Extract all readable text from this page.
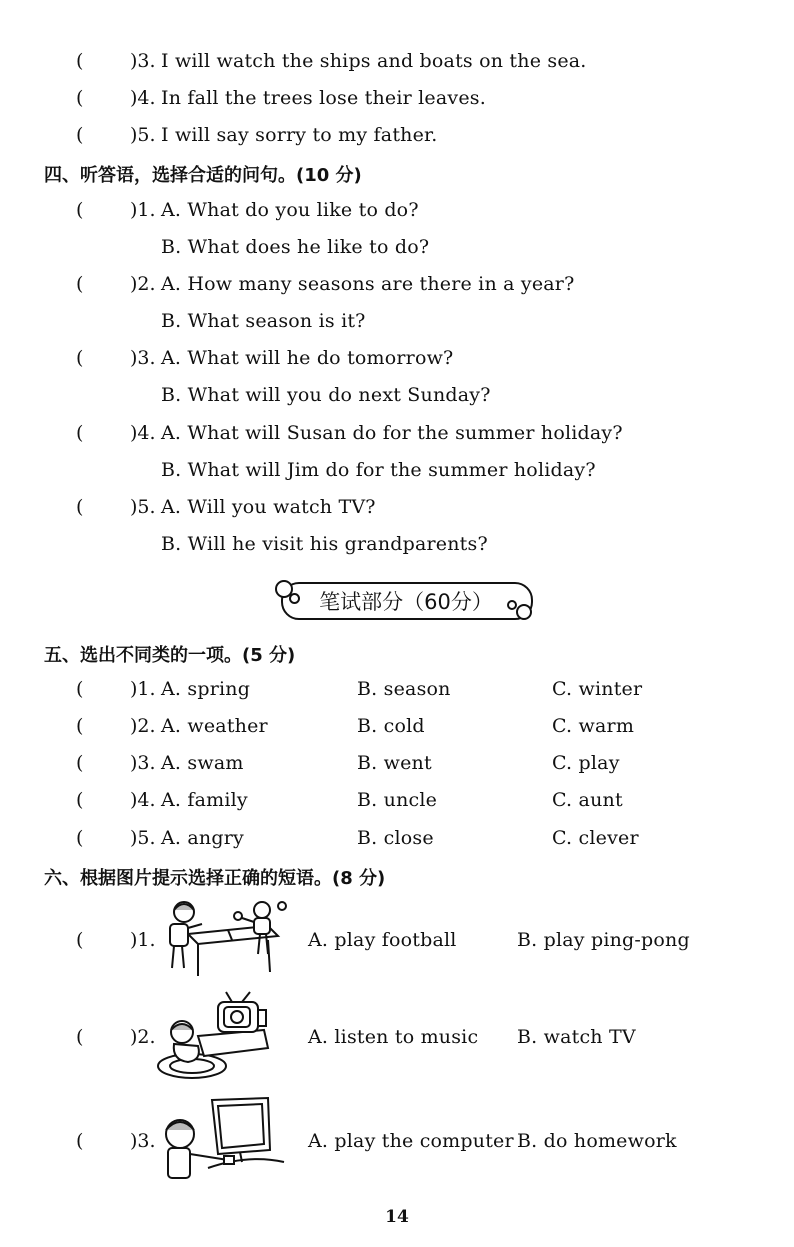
( )3. I will watch the ships and boats on the sea.
( )4. In fall the trees lose their leaves.
( )5. I will say sorry to my father.
四、听答语，选择合适的问句。(10 分)
( )1. A. What do you like to do?
B. What does he like to do?
( )2. A. How many seasons are there in a year?
B. What season is it?
( )3. A. What will he do tomorrow?
B. What will you do next Sunday?
( )4. A. What will Susan do for the summer holiday?
B. What will Jim do for the summer holiday?
( )5. A. Will you watch TV?
B. Will he visit his grandparents?
笔试部分（60分）
五、选出不同类的一项。(5 分)
( )1. A. spring	B. season	C. winter
( )2. A. weather	B. cold	C. warm
( )3. A. swam	B. went	C. play
( )4. A. family	B. uncle	C. aunt
( )5. A. angry	B. close	C. clever
六、根据图片提示选择正确的短语。(8 分)
( )1.	A. play football	B. play ping-pong
( )2.	A. listen to music B. watch TV
( )3.	A. play the computer B. do homework
14
